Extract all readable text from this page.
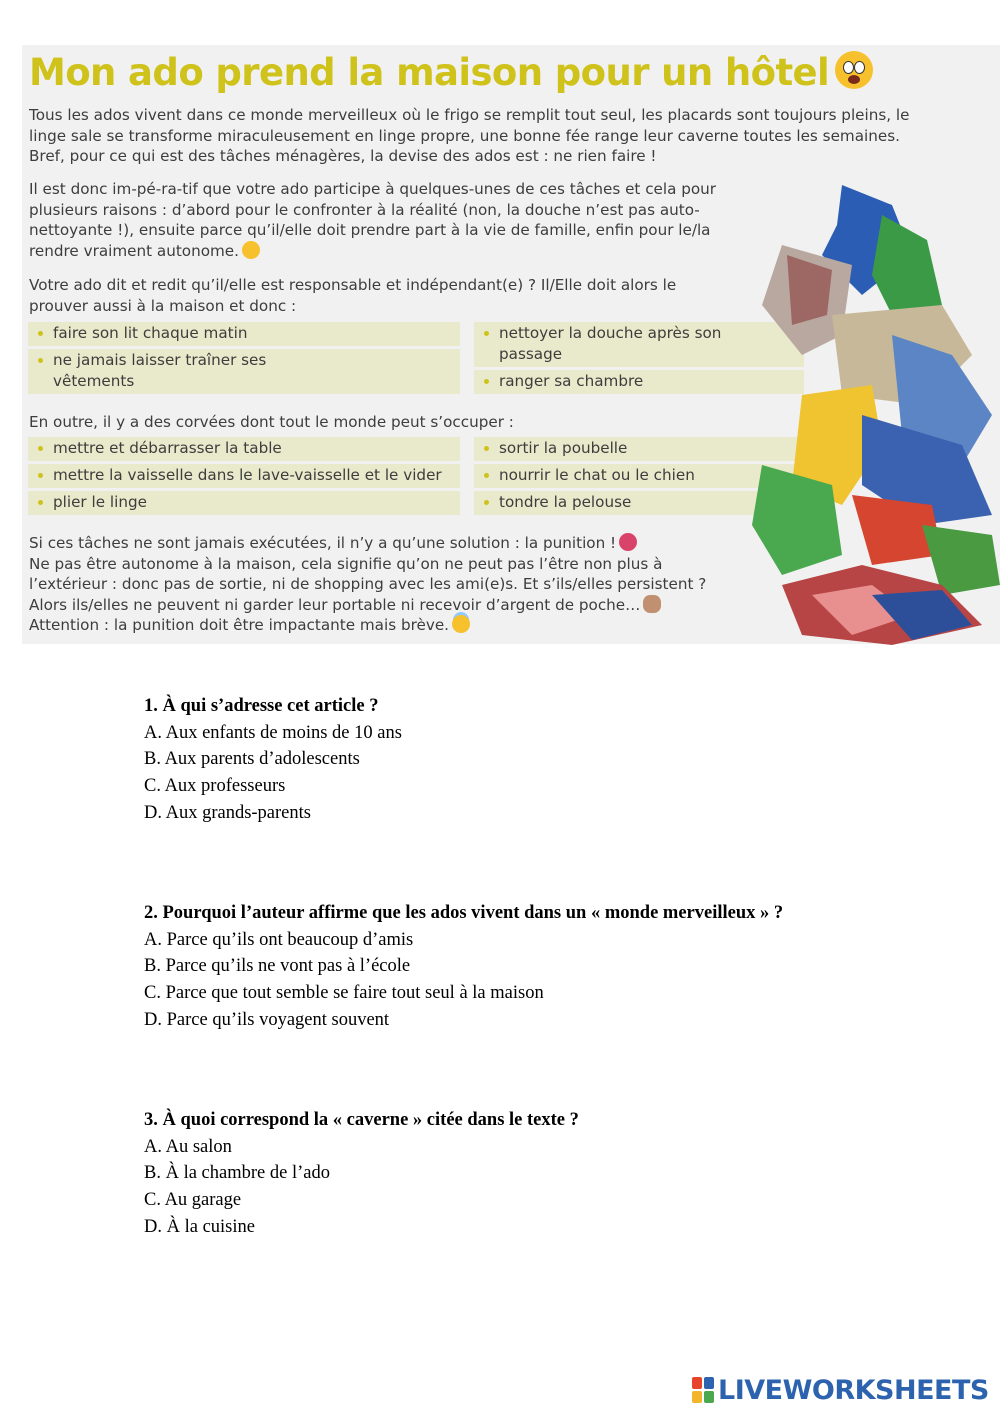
Mon ado prend la maison pour un hôtel

Tous les ados vivent dans ce monde merveilleux où le frigo se remplit tout seul, les placards sont toujours pleins, le linge sale se transforme miraculeusement en linge propre, une bonne fée range leur caverne toutes les semaines. Bref, pour ce qui est des tâches ménagères, la devise des ados est : ne rien faire !

Il est donc im-pé-ra-tif que votre ado participe à quelques-unes de ces tâches et cela pour plusieurs raisons : d’abord pour le confronter à la réalité (non, la douche n’est pas auto-nettoyante !), ensuite parce qu’il/elle doit prendre part à la vie de famille, enfin pour le/la rendre vraiment autonome.

Votre ado dit et redit qu’il/elle est responsable et indépendant(e) ? Il/Elle doit alors le prouver aussi à la maison et donc :

faire son lit chaque matin
ne jamais laisser traîner ses vêtements
nettoyer la douche après son passage
ranger sa chambre

En outre, il y a des corvées dont tout le monde peut s’occuper :

mettre et débarrasser la table
mettre la vaisselle dans le lave-vaisselle et le vider
plier le linge
sortir la poubelle
nourrir le chat ou le chien
tondre la pelouse

Si ces tâches ne sont jamais exécutées, il n’y a qu’une solution : la punition !
Ne pas être autonome à la maison, cela signifie qu’on ne peut pas l’être non plus à
l’extérieur : donc pas de sortie, ni de shopping avec les ami(e)s. Et s’ils/elles persistent ?
Alors ils/elles ne peuvent ni garder leur portable ni recevoir d’argent de poche…
Attention : la punition doit être impactante mais brève.

1. À qui s’adresse cet article ?
A. Aux enfants de moins de 10 ans
B. Aux parents d’adolescents
C. Aux professeurs
D. Aux grands-parents
2. Pourquoi l’auteur affirme que les ados vivent dans un « monde merveilleux » ?
A. Parce qu’ils ont beaucoup d’amis
B. Parce qu’ils ne vont pas à l’école
C. Parce que tout semble se faire tout seul à la maison
D. Parce qu’ils voyagent souvent
3. À quoi correspond la « caverne » citée dans le texte ?
A. Au salon
B. À la chambre de l’ado
C. Au garage
D. À la cuisine
LIVEWORKSHEETS
